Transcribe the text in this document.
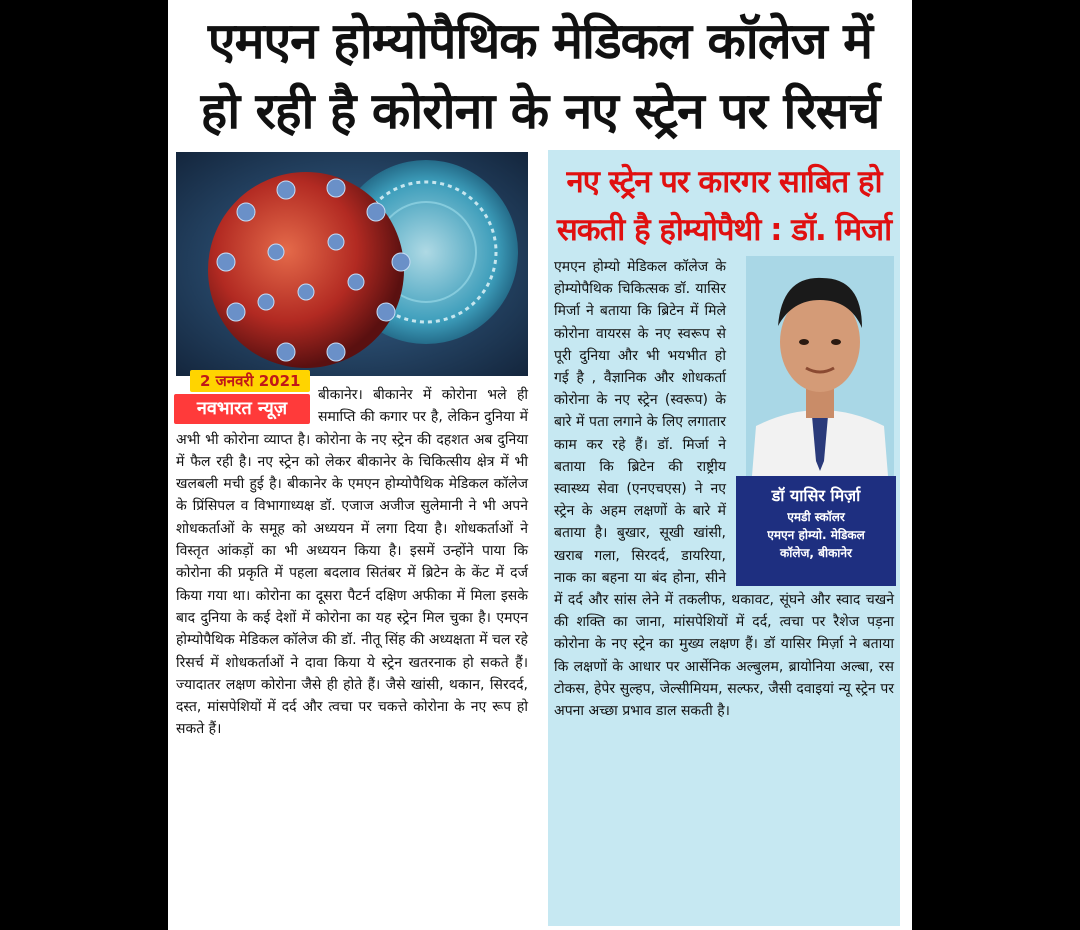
एमएन होम्योपैथिक मेडिकल कॉलेज में
हो रही है कोरोना के नए स्ट्रेन पर रिसर्च
2 जनवरी 2021
नवभारत न्यूज़
बीकानेर। बीकानेर में कोरोना भले ही समाप्ति की कगार पर है, लेकिन दुनिया में अभी भी कोरोना व्याप्त है। कोरोना के नए स्ट्रेन की दहशत अब दुनिया में फैल रही है। नए स्ट्रेन को लेकर बीकानेर के चिकित्सीय क्षेत्र में भी खलबली मची हुई है। बीकानेर के एमएन होम्योपैथिक मेडिकल कॉलेज के प्रिंसिपल व विभागाध्यक्ष डॉ. एजाज अजीज सुलेमानी ने भी अपने शोधकर्ताओं के समूह को अध्ययन में लगा दिया है। शोधकर्ताओं ने विस्तृत आंकड़ों का भी अध्ययन किया है। इसमें उन्होंने पाया कि कोरोना की प्रकृति में पहला बदलाव सितंबर में ब्रिटेन के केंट में दर्ज किया गया था। कोरोना का दूसरा पैटर्न दक्षिण अफीका में मिला इसके बाद दुनिया के कई देशों में कोरोना का यह स्ट्रेन मिल चुका है। एमएन होम्योपैथिक मेडिकल कॉलेज की डॉ. नीतू सिंह की अध्यक्षता में चल रहे रिसर्च में शोधकर्ताओं ने दावा किया ये स्ट्रेन खतरनाक हो सकते हैं। ज्यादातर लक्षण कोरोना जैसे ही होते हैं। जैसे खांसी, थकान, सिरदर्द, दस्त, मांसपेशियों में दर्द और त्वचा पर चकत्ते कोरोना के नए रूप हो सकते हैं।
नए स्ट्रेन पर कारगर साबित हो
सकती है होम्योपैथी : डॉ. मिर्जा
डॉ यासिर मिर्ज़ा
एमडी स्कॉलर
एमएन होम्यो. मेडिकल
कॉलेज, बीकानेर
एमएन होम्यो मेडिकल कॉलेज के होम्योपैथिक चिकित्सक डॉ. यासिर मिर्जा ने बताया कि ब्रिटेन में मिले कोरोना वायरस के नए स्वरूप से पूरी दुनिया और भी भयभीत हो गई है , वैज्ञानिक और शोधकर्ता कोरोना के नए स्ट्रेन (स्वरूप) के बारे में पता लगाने के लिए लगातार काम कर रहे हैं। डॉ. मिर्जा ने बताया कि ब्रिटेन की राष्ट्रीय स्वास्थ्य सेवा (एनएचएस) ने नए स्ट्रेन के अहम लक्षणों के बारे में बताया है। बुखार, सूखी खांसी, खराब गला, सिरदर्द, डायरिया, नाक का बहना या बंद होना, सीने में दर्द और सांस लेने में तकलीफ, थकावट, सूंघने और स्वाद चखने की शक्ति का जाना, मांसपेशियों में दर्द, त्वचा पर रैशेज पड़ना कोरोना के नए स्ट्रेन का मुख्य लक्षण हैं। डॉ यासिर मिर्ज़ा ने बताया कि लक्षणों के आधार पर आर्सेनिक अल्बुलम, ब्रायोनिया अल्बा, रस टोकस, हेपेर सुल्हप, जेल्सीमियम, सल्फर, जैसी दवाइयां न्यू स्ट्रेन पर अपना अच्छा प्रभाव डाल सकती है।
